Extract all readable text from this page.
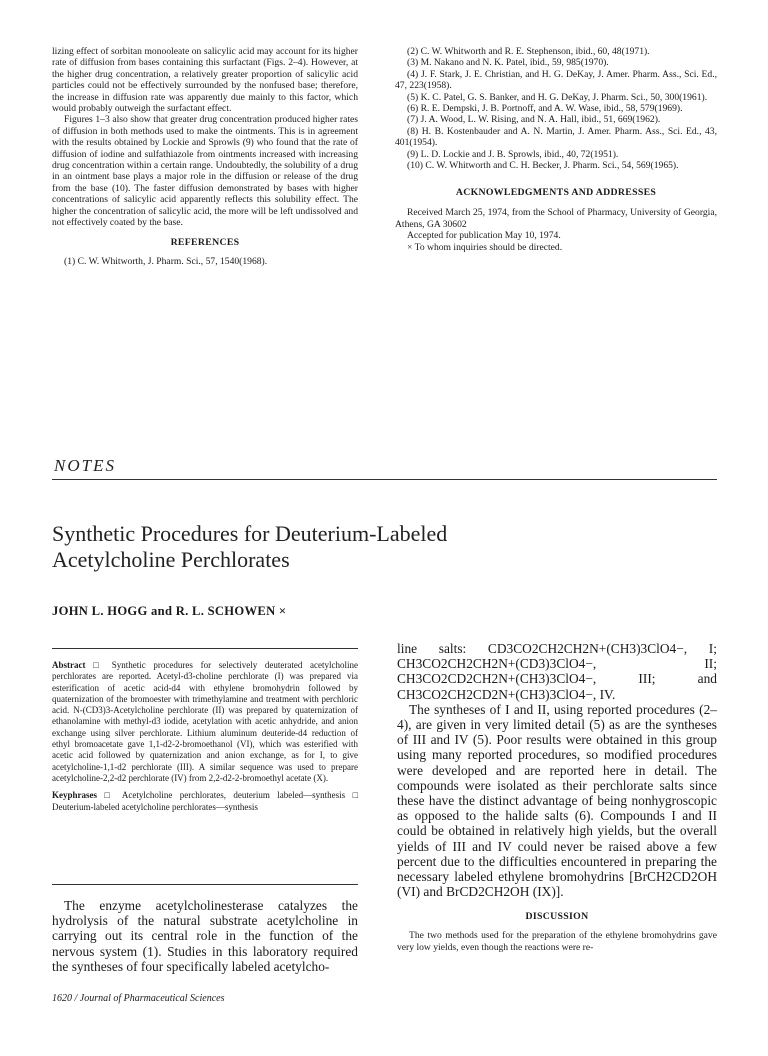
lizing effect of sorbitan monooleate on salicylic acid may account for its higher rate of diffusion from bases containing this surfactant (Figs. 2–4). However, at the higher drug concentration, a relatively greater proportion of salicylic acid particles could not be effectively surrounded by the nonfused base; therefore, the increase in diffusion rate was apparently due mainly to this factor, which would probably outweigh the surfactant effect.

Figures 1–3 also show that greater drug concentration produced higher rates of diffusion in both methods used to make the ointments. This is in agreement with the results obtained by Lockie and Sprowls (9) who found that the rate of diffusion of iodine and sulfathiazole from ointments increased with increasing drug concentration within a certain range. Undoubtedly, the solubility of a drug in an ointment base plays a major role in the diffusion or release of the drug from the base (10). The faster diffusion demonstrated by bases with higher concentrations of salicylic acid apparently reflects this solubility effect. The higher the concentration of salicylic acid, the more will be left undissolved and not effectively coated by the base.

REFERENCES

(1) C. W. Whitworth, J. Pharm. Sci., 57, 1540(1968).

(2) C. W. Whitworth and R. E. Stephenson, ibid., 60, 48(1971).

(3) M. Nakano and N. K. Patel, ibid., 59, 985(1970).

(4) J. F. Stark, J. E. Christian, and H. G. DeKay, J. Amer. Pharm. Ass., Sci. Ed., 47, 223(1958).

(5) K. C. Patel, G. S. Banker, and H. G. DeKay, J. Pharm. Sci., 50, 300(1961).

(6) R. E. Dempski, J. B. Portnoff, and A. W. Wase, ibid., 58, 579(1969).

(7) J. A. Wood, L. W. Rising, and N. A. Hall, ibid., 51, 669(1962).

(8) H. B. Kostenbauder and A. N. Martin, J. Amer. Pharm. Ass., Sci. Ed., 43, 401(1954).

(9) L. D. Lockie and J. B. Sprowls, ibid., 40, 72(1951).

(10) C. W. Whitworth and C. H. Becker, J. Pharm. Sci., 54, 569(1965).

ACKNOWLEDGMENTS AND ADDRESSES

Received March 25, 1974, from the School of Pharmacy, University of Georgia, Athens, GA 30602

Accepted for publication May 10, 1974.

× To whom inquiries should be directed.

NOTES
Synthetic Procedures for Deuterium-Labeled
Acetylcholine Perchlorates
JOHN L. HOGG and R. L. SCHOWEN ×

Abstract □ Synthetic procedures for selectively deuterated acetylcholine perchlorates are reported. Acetyl-d3-choline perchlorate (I) was prepared via esterification of acetic acid-d4 with ethylene bromohydrin followed by quaternization of the bromoester with trimethylamine and treatment with perchloric acid. N-(CD3)3-Acetylcholine perchlorate (II) was prepared by quaternization of ethanolamine with methyl-d3 iodide, acetylation with acetic anhydride, and anion exchange using silver perchlorate. Lithium aluminum deuteride-d4 reduction of ethyl bromoacetate gave 1,1-d2-2-bromoethanol (VI), which was esterified with acetic acid followed by quaternization and anion exchange, as for I, to give acetylcholine-1,1-d2 perchlorate (III). A similar sequence was used to prepare acetylcholine-2,2-d2 perchlorate (IV) from 2,2-d2-2-bromoethyl acetate (X).

Keyphrases □ Acetylcholine perchlorates, deuterium labeled—synthesis □ Deuterium-labeled acetylcholine perchlorates—synthesis

The enzyme acetylcholinesterase catalyzes the hydrolysis of the natural substrate acetylcholine in carrying out its central role in the function of the nervous system (1). Studies in this laboratory required the syntheses of four specifically labeled acetylcho-

line salts: CD3CO2CH2CH2N+(CH3)3ClO4−, I; CH3CO2CH2CH2N+(CD3)3ClO4−, II; CH3CO2CD2CH2N+(CH3)3ClO4−, III; and CH3CO2CH2CD2N+(CH3)3ClO4−, IV.

The syntheses of I and II, using reported procedures (2–4), are given in very limited detail (5) as are the syntheses of III and IV (5). Poor results were obtained in this group using many reported procedures, so modified procedures were developed and are reported here in detail. The compounds were isolated as their perchlorate salts since these have the distinct advantage of being nonhygroscopic as opposed to the halide salts (6). Compounds I and II could be obtained in relatively high yields, but the overall yields of III and IV could never be raised above a few percent due to the difficulties encountered in preparing the necessary labeled ethylene bromohydrins [BrCH2CD2OH (VI) and BrCD2CH2OH (IX)].

DISCUSSION

The two methods used for the preparation of the ethylene bromohydrins gave very low yields, even though the reactions were re-

1620 / Journal of Pharmaceutical Sciences
